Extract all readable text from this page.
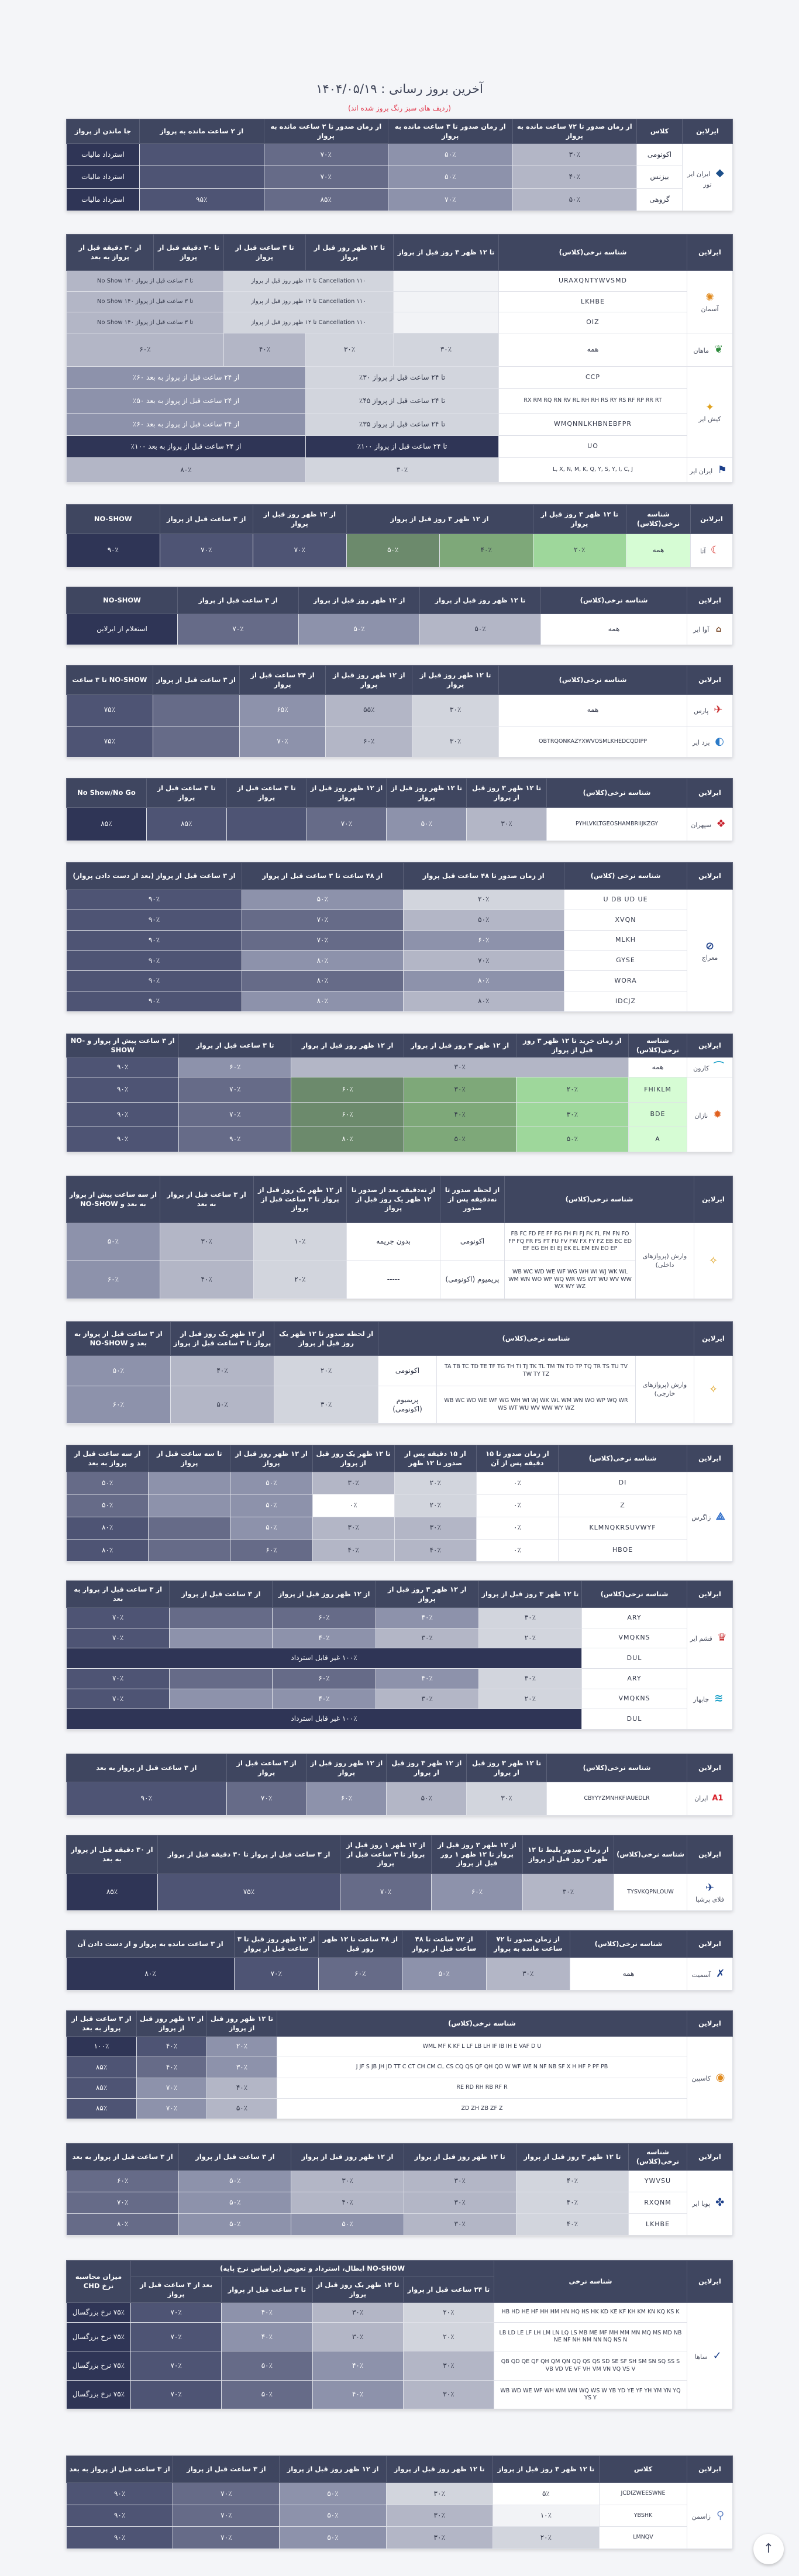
آخرین بروز رسانی : ۱۴۰۴/۰۵/۱۹
(ردیف های سبز رنگ بروز شده اند)
ایرلاین	کلاس	از زمان صدور تا ۷۲ ساعت مانده به پرواز	از زمان صدور تا ۳ ساعت مانده به پرواز	از زمان صدور تا ۲ ساعت مانده به پرواز	از ۲ ساعت مانده به پرواز	جا ماندن از پرواز
◆ ایران ایر تور	اکونومی	۳۰٪	۵۰٪	۷۰٪		استرداد مالیات
	بیزنس	۴۰٪	۵۰٪	۷۰٪		استرداد مالیات
	گروهی	۵۰٪	۷۰٪	۸۵٪	۹۵٪	استرداد مالیات
ایرلاین	شناسه نرخی(کلاس)	تا ۱۲ ظهر ۳ روز قبل از پرواز	تا ۱۲ ظهر روز قبل از پرواز	تا ۳ ساعت قبل از پرواز	تا ۳۰ دقیقه قبل از پرواز	از ۳۰ دقیقه قبل از پرواز به بعد
✺
آسمان	URAXQNTYWVSMD		Cancellation ۱۱۰ تا ۱۲ ظهر روز قبل از پرواز		تا ۳ ساعت قبل از پرواز ۱۴۰ No Show	
	LKHBE		Cancellation ۱۱۰ تا ۱۲ ظهر روز قبل از پرواز		تا ۳ ساعت قبل از پرواز ۱۴۰ No Show	
	OIZ		Cancellation ۱۱۰ تا ۱۲ ظهر روز قبل از پرواز		تا ۳ ساعت قبل از پرواز ۱۴۰ No Show	
❦ ماهان	همه	۳۰٪	۳۰٪	۴۰٪	۶۰٪	
✦
کیش ایر	CCP	تا ۲۴ ساعت قبل از پرواز ۳۰٪		از ۲۴ ساعت قبل از پرواز به بعد ۶۰٪		
	RX RM RQ RN RV RL RH RH RS RY RS RF RP RR RT	تا ۲۴ ساعت قبل از پرواز ۴۵٪		از ۲۴ ساعت قبل از پرواز به بعد ۵۰٪		
	WMQNNLKHBNEBFPR	تا ۲۴ ساعت قبل از پرواز ۳۵٪		از ۲۴ ساعت قبل از پرواز به بعد ۶۰٪		
	UO	تا ۲۴ ساعت قبل از پرواز ۱۰۰٪		از ۲۴ ساعت قبل از پرواز به بعد ۱۰۰٪		
⚑ ایران ایر	L, X, N, M, K, Q, Y, S, Y, I, C, J	۳۰٪		۸۰٪		
ایرلاین	شناسه نرخی(کلاس)	تا ۱۲ ظهر ۳ روز قبل از پرواز	از ۱۲ ظهر ۳ روز قبل از پرواز		از ۱۲ ظهر روز قبل از پرواز	از ۳ ساعت قبل از پرواز	NO-SHOW
☾ آتا	همه	۲۰٪	۴۰٪	۵۰٪	۷۰٪	۷۰٪	۹۰٪
ایرلاین	شناسه نرخی(کلاس)	تا ۱۲ ظهر روز قبل از پرواز	از ۱۲ ظهر روز قبل از پرواز	از ۳ ساعت قبل از پرواز	NO-SHOW
⌂ آوا ایر	همه	۵۰٪	۵۰٪	۷۰٪	استعلام از ایرلاین
ایرلاین	شناسه نرخی(کلاس)	تا ۱۲ ظهر روز قبل از پرواز	از ۱۲ ظهر روز قبل از پرواز	از ۲۴ ساعت قبل از پرواز	از ۳ ساعت قبل از پرواز	NO-SHOW تا ۳ ساعت
✈ پارس	همه	۳۰٪	۵۵٪	۶۵٪		۷۵٪
◐ یزد ایر	OBTRQONKAZYXWVOSMLKHEDCQDIPP	۳۰٪	۶۰٪	۷۰٪		۷۵٪
ایرلاین	شناسه نرخی(کلاس)	تا ۱۲ ظهر ۳ روز قبل از پرواز	تا ۱۲ ظهر روز قبل از پرواز	از ۱۲ ظهر روز قبل از پرواز	تا ۳ ساعت قبل از پرواز	تا ۳ ساعت قبل از پرواز	No Show/No Go
❖ سپهران	PYHLVKLTGEOSHAMBRIIJKZGY	۳۰٪	۵۰٪	۷۰٪		۸۵٪	۸۵٪
ایرلاین	شناسه نرخی (کلاس)	از زمان صدور تا ۴۸ ساعت قبل پرواز	از ۴۸ ساعت تا ۳ ساعت قبل از پرواز	از ۳ ساعت قبل از پرواز (بعد از دست دادن پرواز)
⊘
معراج	U DB UD UE	۲۰٪	۵۰٪	۹۰٪
	XVQN	۵۰٪	۷۰٪	۹۰٪
	MLKH	۶۰٪	۷۰٪	۹۰٪
	GYSE	۷۰٪	۸۰٪	۹۰٪
	WORA	۸۰٪	۸۰٪	۹۰٪
	IDCJZ	۸۰٪	۸۰٪	۹۰٪
ایرلاین	شناسه نرخی(کلاس)	از زمان خرید تا ۱۲ ظهر ۳ روز قبل از پرواز	از ۱۲ ظهر ۳ روز قبل از پرواز	از ۱۲ ظهر روز قبل از پرواز	تا ۳ ساعت قبل از پرواز	از ۳ ساعت پیش از پرواز و NO-SHOW
⌒ کارون	همه	۳۰٪			۶۰٪	۹۰٪
✹ نازان	FHIKLM	۲۰٪	۳۰٪	۶۰٪	۷۰٪	۹۰٪
	BDE	۳۰٪	۴۰٪	۶۰٪	۷۰٪	۹۰٪
	A	۵۰٪	۵۰٪	۸۰٪	۹۰٪	۹۰٪
ایرلاین	شناسه نرخی(کلاس)		از لحظه صدور تا نه‌دقیقه پس از صدور	از نه‌دقیقه بعد از صدور تا ۱۲ ظهر یک روز قبل از پرواز	از ۱۲ ظهر یک روز قبل از پرواز تا ۳ ساعت قبل از پرواز	از ۳ ساعت قبل از پرواز به بعد	از سه ساعت پیش از پرواز به بعد و NO-SHOW
✧	وارش (پروازهای داخلی)	FB FC FD FE FF FG FH FI FJ FK FL FM FN FO FP FQ FR FS FT FU FV FW FX FY FZ EB EC ED EF EG EH EI EJ EK EL EM EN EO EP	اکونومی	بدون جریمه	۱۰٪	۳۰٪	۵۰٪
		WB WC WD WE WF WG WH WI WJ WK WL WM WN WO WP WQ WR WS WT WU WV WW WX WY WZ	پریمیوم (اکونومی)	-----	۲۰٪	۴۰٪	۶۰٪
ایرلاین	شناسه نرخی(کلاس)			از لحظه صدور تا ۱۲ ظهر یک روز قبل از پرواز	از ۱۲ ظهر یک روز قبل از پرواز تا ۳ ساعت قبل از پرواز	از ۳ ساعت قبل از پرواز به بعد و NO-SHOW
✧	وارش (پروازهای خارجی)	TA TB TC TD TE TF TG TH TI TJ TK TL TM TN TO TP TQ TR TS TU TV TW TY TZ	اکونومی	۲۰٪	۴۰٪	۵۰٪
		WB WC WD WE WF WG WH WI WJ WK WL WM WN WO WP WQ WR WS WT WU WV WW WY WZ	پریمیوم (اکونومی)	۳۰٪	۵۰٪	۶۰٪
ایرلاین	شناسه نرخی(کلاس)	از زمان صدور تا ۱۵ دقیقه پس از آن	از ۱۵ دقیقه پس از صدور تا ۱۲ ظهر	تا ۱۲ ظهر یک روز قبل از پرواز	از ۱۲ ظهر روز قبل از پرواز	تا سه ساعت قبل از پرواز	از سه ساعت قبل از پرواز به بعد
⟁ زاگرس	DI	۰٪	۲۰٪	۳۰٪	۵۰٪		۵۰٪
	Z	۰٪	۲۰٪	۰٪	۵۰٪		۵۰٪
	KLMNQKRSUVWYF	۰٪	۳۰٪	۳۰٪	۵۰٪		۸۰٪
	HBOE	۰٪	۴۰٪	۴۰٪	۶۰٪		۸۰٪
ایرلاین	شناسه نرخی(کلاس)	تا ۱۲ ظهر ۳ روز قبل از پرواز	از ۱۲ ظهر ۳ روز قبل از پرواز	از ۱۲ ظهر روز قبل از پرواز	از ۳ ساعت قبل از پرواز	از ۳ ساعت قبل از پرواز به بعد
♛ قشم ایر	ARY	۳۰٪	۴۰٪	۶۰٪		۷۰٪
	VMQKNS	۲۰٪	۳۰٪	۴۰٪		۷۰٪
	DUL	۱۰۰٪ غیر قابل استرداد				
≋ چابهار	ARY	۳۰٪	۴۰٪	۶۰٪		۷۰٪
	VMQKNS	۲۰٪	۳۰٪	۴۰٪		۷۰٪
	DUL	۱۰۰٪ غیر قابل استرداد				
ایرلاین	شناسه نرخی(کلاس)	تا ۱۲ ظهر ۳ روز قبل از پرواز	از ۱۲ ظهر ۳ روز قبل از پرواز	از ۱۲ ظهر روز قبل از پرواز	از ۳ ساعت قبل از پرواز	از ۳ ساعت قبل از پرواز به بعد
A1 ایران	CBYYYZMNHKFIAUEDLR	۳۰٪	۵۰٪	۶۰٪	۷۰٪	۹۰٪
ایرلاین	شناسه نرخی(کلاس)	از زمان صدور بلیط تا ۱۲ ظهر ۳ روز قبل از پرواز	از ۱۲ ظهر ۳ روز قبل از پرواز تا ۱۲ ظهر ۱ روز قبل از پرواز	از ۱۲ ظهر ۱ روز قبل از پرواز تا ۳ ساعت قبل از پرواز	از ۳ ساعت قبل از پرواز تا ۳۰ دقیقه قبل از پرواز	از ۳۰ دقیقه قبل از پرواز به بعد
✈
فلای پرشیا	TYSVKQPNLOUW	۳۰٪	۶۰٪	۷۰٪	۷۵٪	۸۵٪
ایرلاین	شناسه نرخی(کلاس)	از زمان صدور تا ۷۲ ساعت مانده به پرواز	از ۷۲ ساعت تا ۴۸ ساعت قبل از پرواز	از ۴۸ ساعت تا ۱۲ ظهر روز قبل	از ۱۲ ظهر روز قبل تا ۳ ساعت قبل از پرواز	از ۳ ساعت مانده به پرواز و از دست دادن آن
✗ آسمیت	همه	۳۰٪	۵۰٪	۶۰٪	۷۰٪	۸۰٪
ایرلاین	شناسه نرخی(کلاس)	تا ۱۲ ظهر روز قبل از پرواز	از ۱۲ ظهر روز قبل از پرواز	از ۳ ساعت قبل از پرواز به بعد
◉ کاسپین	WML MF K KF L LF LB LH IF IB IH E VAF D U	۲۰٪	۴۰٪	۱۰۰٪
	J JF S JB JH JD TT C CT CH CM CL CS CQ QS QF QH QD W WF WE N NF NB SF X H HF P PF PB	۳۰٪	۴۰٪	۸۵٪
	RE RD RH RB RF R	۴۰٪	۷۰٪	۸۵٪
	ZD ZH ZB ZF Z	۵۰٪	۷۰٪	۸۵٪
ایرلاین	شناسه نرخی(کلاس)	تا ۱۲ ظهر ۳ روز قبل از پرواز	تا ۱۲ ظهر روز قبل از پرواز	از ۱۲ ظهر روز قبل از پرواز	از ۳ ساعت قبل از پرواز	از ۳ ساعت قبل از پرواز به بعد
✤ پویا ایر	YWVSU	۴۰٪	۳۰٪	۳۰٪	۵۰٪	۶۰٪
	RXQNM	۴۰٪	۳۰٪	۴۰٪	۵۰٪	۷۰٪
	LKHBE	۴۰٪	۳۰٪	۵۰٪	۵۰٪	۸۰٪
ایرلاین	شناسه نرخی	NO-SHOW ابطال، استرداد و تعویض (براساس نرخ پایه)				میزان محاسبه نرخ CHD
		تا ۲۴ ساعت قبل از پرواز	تا ۱۲ ظهر یک روز قبل از پرواز	تا ۳ ساعت قبل از پرواز	بعد از ۳ ساعت قبل از پرواز	
✓ ساها	HB HD HE HF HH HM HN HQ HS HK KD KE KF KH KM KN KQ KS K	۲۰٪	۳۰٪	۴۰٪	۷۰٪	۷۵٪ نرخ بزرگسال
	LB LD LE LF LH LM LN LQ LS MB ME MF MH MM MN MQ MS MD NB NE NF NH NM NN NQ NS N	۲۰٪	۳۰٪	۴۰٪	۷۰٪	۷۵٪ نرخ بزرگسال
	QB QD QE QF QH QM QN QQ QS QS SD SE SF SH SM SN SQ SS S VB VD VE VF VH VM VN VQ VS V	۳۰٪	۴۰٪	۵۰٪	۷۰٪	۷۵٪ نرخ بزرگسال
	WB WD WE WF WH WM WN WQ WS W YB YD YE YF YH YM YN YQ YS Y	۳۰٪	۴۰٪	۵۰٪	۷۰٪	۷۵٪ نرخ بزرگسال
ایرلاین	کلاس	تا ۱۲ ظهر ۳ روز قبل از پرواز	تا ۱۲ ظهر روز قبل از پرواز	از ۱۲ ظهر روز قبل از پرواز	از ۳ ساعت قبل از پرواز	از ۳ ساعت قبل از پرواز به بعد
⚲ زاسمن	JCDIZWEESWNE	۵٪	۳۰٪	۵۰٪	۷۰٪	۹۰٪
	YBSHK	۱۰٪	۳۰٪	۵۰٪	۷۰٪	۹۰٪
	LMNQV	۲۰٪	۳۰٪	۵۰٪	۷۰٪	۹۰٪
↑
